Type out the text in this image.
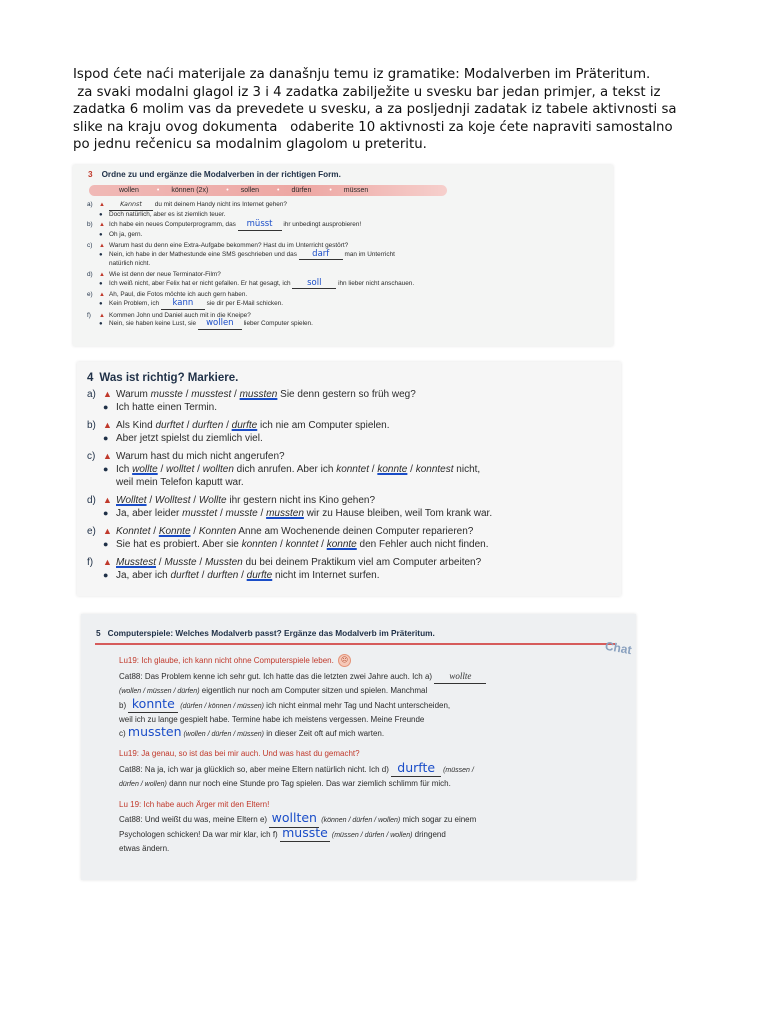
Ispod ćete naći materijale za današnju temu iz gramatike: Modalverben im Präteritum.

za svaki modalni glagol iz 3 i 4 zadatka zabilježite u svesku bar jedan primjer, a tekst iz

zadatka 6 molim vas da prevedete u svesku, a za posljednji zadatak iz tabele aktivnosti sa

slike na kraju ovog dokumenta   odaberite 10 aktivnosti za koje ćete napraviti samostalno

po jednu rečenicu sa modalnim glagolom u preteritu.

3 Ordne zu und ergänze die Modalverben in der richtigen Form.
wollen	• können (2x)	• sollen	• dürfen	• müssen
a)	▲	Kannst du mit deinem Handy nicht ins Internet gehen?
● Doch natürlich, aber es ist ziemlich teuer.
b)	▲ Ich habe ein neues Computerprogramm, das müsst ihr unbedingt ausprobieren!
● Oh ja, gern.
c)	▲ Warum hast du denn eine Extra-Aufgabe bekommen? Hast du im Unterricht gestört?
● Nein, ich habe in der Mathestunde eine SMS geschrieben und das darf man im Unterricht
natürlich nicht.
d)	▲ Wie ist denn der neue Terminator-Film?
● Ich weiß nicht, aber Felix hat er nicht gefallen. Er hat gesagt, ich soll ihn lieber nicht anschauen.
e)	▲ Ah, Paul, die Fotos möchte ich auch gern haben.
● Kein Problem, ich kann sie dir per E-Mail schicken.
f)	▲ Kommen John und Daniel auch mit in die Kneipe?
● Nein, sie haben keine Lust, sie wollen lieber Computer spielen.
4 Was ist richtig? Markiere.
a) ▲ Warum musste / musstest / mussten Sie denn gestern so früh weg?
● Ich hatte einen Termin.
b) ▲ Als Kind durftet / durften / durfte ich nie am Computer spielen.
● Aber jetzt spielst du ziemlich viel.
c) ▲ Warum hast du mich nicht angerufen?
● Ich wollte / wolltet / wollten dich anrufen. Aber ich konntet / konnte / konntest nicht,
weil mein Telefon kaputt war.
d) ▲ Wolltet / Wolltest / Wollte ihr gestern nicht ins Kino gehen?
● Ja, aber leider musstet / musste / mussten wir zu Hause bleiben, weil Tom krank war.
e) ▲ Konntet / Konnte / Konnten Anne am Wochenende deinen Computer reparieren?
● Sie hat es probiert. Aber sie konnten / konntet / konnte den Fehler auch nicht finden.
f)	▲ Musstest / Musste / Mussten du bei deinem Praktikum viel am Computer arbeiten?
● Ja, aber ich durftet / durften / durfte nicht im Internet surfen.
5 Computerspiele: Welches Modalverb passt? Ergänze das Modalverb im Präteritum.
Chat
Lu19: Ich glaube, ich kann nicht ohne Computerspiele leben. ☹
Cat88: Das Problem kenne ich sehr gut. Ich hatte das die letzten zwei Jahre auch. Ich a) wollte
(wollen / müssen / dürfen) eigentlich nur noch am Computer sitzen und spielen. Manchmal
b) konnte (dürfen / können / müssen) ich nicht einmal mehr Tag und Nacht unterscheiden,
weil ich zu lange gespielt habe. Termine habe ich meistens vergessen. Meine Freunde
c) mussten (wollen / dürfen / müssen) in dieser Zeit oft auf mich warten.
Lu19: Ja genau, so ist das bei mir auch. Und was hast du gemacht?
Cat88: Na ja, ich war ja glücklich so, aber meine Eltern natürlich nicht. Ich d) durfte (müssen /
dürfen / wollen) dann nur noch eine Stunde pro Tag spielen. Das war ziemlich schlimm für mich.
Lu 19: Ich habe auch Ärger mit den Eltern!
Cat88: Und weißt du was, meine Eltern e) wollten (können / dürfen / wollen) mich sogar zu einem
Psychologen schicken! Da war mir klar, ich f) musste (müssen / dürfen / wollen) dringend
etwas ändern.
